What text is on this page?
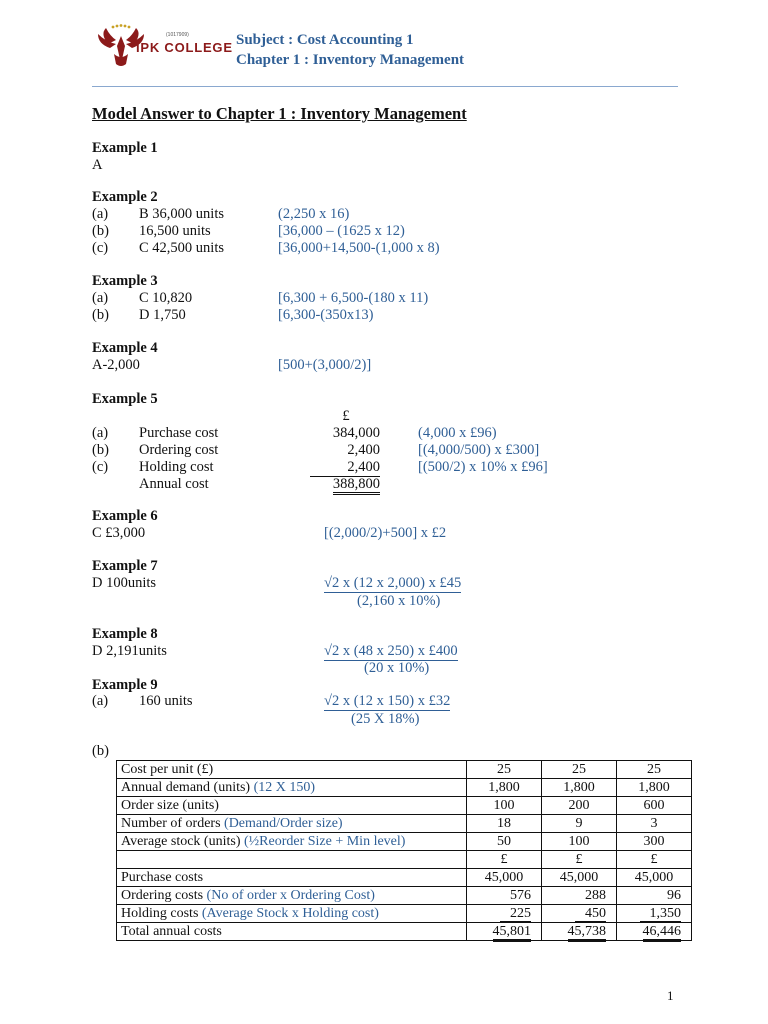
(1017909)
IPK COLLEGE Subject : Cost Accounting 1
Chapter 1 : Inventory Management
Model Answer to Chapter 1 : Inventory Management
Example 1
A
Example 2
(a) B 36,000 units	(2,250 x 16)
(b) 16,500 units	[36,000 – (1625 x 12)
(c) C 42,500 units	[36,000+14,500-(1,000 x 8)
Example 3
(a) C 10,820	[6,300 + 6,500-(180 x 11)
(b) D 1,750	[6,300-(350x13)
Example 4
A-2,000	[500+(3,000/2)]
Example 5
£
(a) Purchase cost	384,000	(4,000 x £96)
(b) Ordering cost	2,400	[(4,000/500) x £300]
(c) Holding cost	2,400	[(500/2) x 10% x £96]
Annual cost	388,800
Example 6
C £3,000	[(2,000/2)+500] x £2
Example 7
D 100units	√2 x (12 x 2,000) x £45
(2,160 x 10%)
Example 8
D 2,191units	√2 x (48 x 250) x £400
(20 x 10%)
Example 9
(a) 160 units	√2 x (12 x 150) x £32
(25 X 18%)
(b)
Cost per unit (£)	25	25	25
Annual demand (units) (12 X 150)	1,800	1,800	1,800
Order size (units)	100	200	600
Number of orders (Demand/Order size)	18	9	3
Average stock (units) (½Reorder Size + Min level)	50	100	300
	£	£	£
Purchase costs	45,000	45,000	45,000
Ordering costs (No of order x Ordering Cost)	576	288	96
Holding costs (Average Stock x Holding cost)	225	450	1,350
Total annual costs	45,801	45,738	46,446
1
